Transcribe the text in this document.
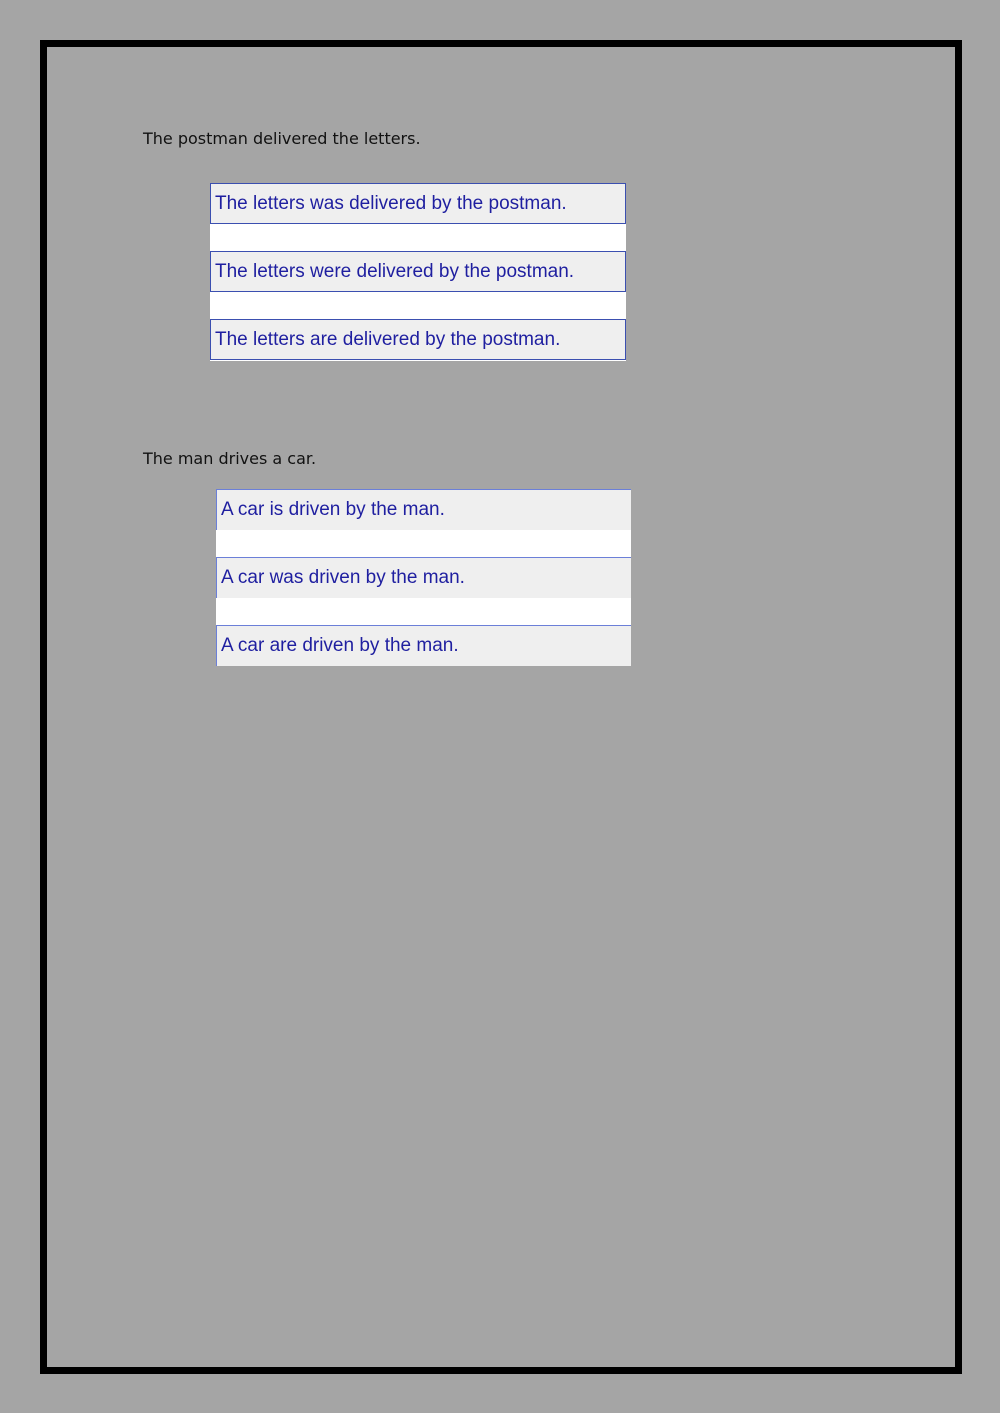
The postman delivered the letters.
The letters was delivered by the postman.
The letters were delivered by the postman.
The letters are delivered by the postman.
The man drives a car.
A car is driven by the man.
A car was driven by the man.
A car are driven by the man.
